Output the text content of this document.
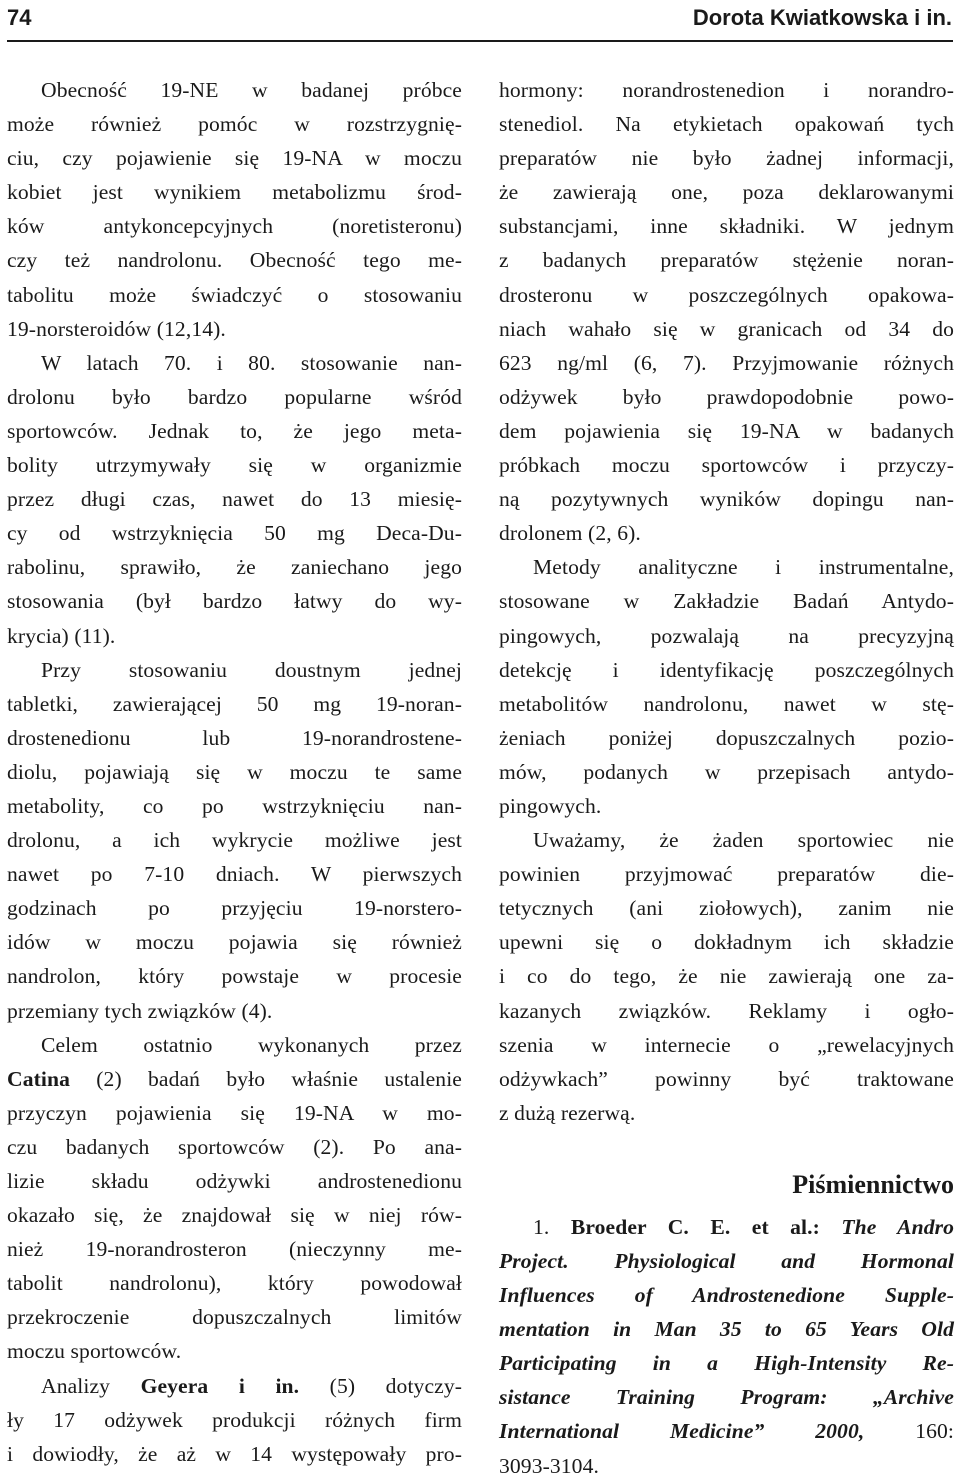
74	Dorota Kwiatkowska i in.
Obecność 19-NE w badanej próbce
może również pomóc w rozstrzygnię-
ciu, czy pojawienie się 19-NA w moczu
kobiet jest wynikiem metabolizmu środ-
ków antykoncepcyjnych (noretisteronu)
czy też nandrolonu. Obecność tego me-
tabolitu może świadczyć o stosowaniu
19-norsteroidów (12,14).
W latach 70. i 80. stosowanie nan-
drolonu było bardzo popularne wśród
sportowców. Jednak to, że jego meta-
bolity utrzymywały się w organizmie
przez długi czas, nawet do 13 miesię-
cy od wstrzyknięcia 50 mg Deca-Du-
rabolinu, sprawiło, że zaniechano jego
stosowania (był bardzo łatwy do wy-
krycia) (11).
Przy stosowaniu doustnym jednej
tabletki, zawierającej 50 mg 19-noran-
drostenedionu lub 19-norandrostene-
diolu, pojawiają się w moczu te same
metabolity, co po wstrzyknięciu nan-
drolonu, a ich wykrycie możliwe jest
nawet po 7-10 dniach. W pierwszych
godzinach po przyjęciu 19-norstero-
idów w moczu pojawia się również
nandrolon, który powstaje w procesie
przemiany tych związków (4).
Celem ostatnio wykonanych przez
Catina (2) badań było właśnie ustalenie
przyczyn pojawienia się 19-NA w mo-
czu badanych sportowców (2). Po ana-
lizie składu odżywki androstenedionu
okazało się, że znajdował się w niej rów-
nież 19-norandrosteron (nieczynny me-
tabolit nandrolonu), który powodował
przekroczenie dopuszczalnych limitów
moczu sportowców.
Analizy Geyera i in. (5) dotyczy-
ły 17 odżywek produkcji różnych firm
i dowiodły, że aż w 14 występowały pro-
hormony: norandrostenedion i norandro-
stenediol. Na etykietach opakowań tych
preparatów nie było żadnej informacji,
że zawierają one, poza deklarowanymi
substancjami, inne składniki. W jednym
z badanych preparatów stężenie noran-
drosteronu w poszczególnych opakowa-
niach wahało się w granicach od 34 do
623 ng/ml (6, 7). Przyjmowanie różnych
odżywek było prawdopodobnie powo-
dem pojawienia się 19-NA w badanych
próbkach moczu sportowców i przyczy-
ną pozytywnych wyników dopingu nan-
drolonem (2, 6).
Metody analityczne i instrumentalne,
stosowane w Zakładzie Badań Antydo-
pingowych, pozwalają na precyzyjną
detekcję i identyfikację poszczególnych
metabolitów nandrolonu, nawet w stę-
żeniach poniżej dopuszczalnych pozio-
mów, podanych w przepisach antydo-
pingowych.
Uważamy, że żaden sportowiec nie
powinien przyjmować preparatów die-
tetycznych (ani ziołowych), zanim nie
upewni się o dokładnym ich składzie
i co do tego, że nie zawierają one za-
kazanych związków. Reklamy i ogło-
szenia w internecie o „rewelacyjnych
odżywkach” powinny być traktowane
z dużą rezerwą.
Piśmiennictwo
1. Broeder C. E. et al.: The Andro
Project. Physiological and Hormonal
Influences of Androstenedione Supple-
mentation in Man 35 to 65 Years Old
Participating in a High-Intensity Re-
sistance Training Program: „Archive
International Medicine” 2000, 160:
3093-3104.
